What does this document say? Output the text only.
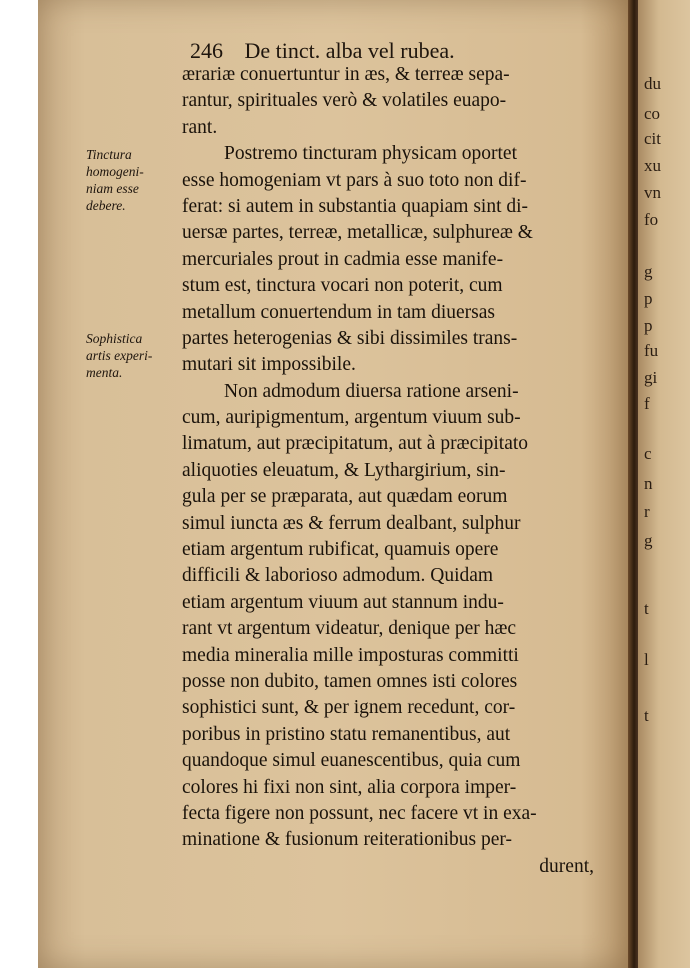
du
co
cit
xu
vn
fo
g
p
p
fu
gi
f
c
n
r
g
t
l
t
246 De tinct. alba vel rubea.
Tinctura
homogeni-
niam esse
debere.
Sophistica
artis experi-
menta.
ærariæ conuertuntur in æs, & terreæ sepa-
rantur, spirituales verò & volatiles euapo-
rant.
Postremo tincturam physicam oportet
esse homogeniam vt pars à suo toto non dif-
ferat: si autem in substantia quapiam sint di-
uersæ partes, terreæ, metallicæ, sulphureæ &
mercuriales prout in cadmia esse manife-
stum est, tinctura vocari non poterit, cum
metallum conuertendum in tam diuersas
partes heterogenias & sibi dissimiles trans-
mutari sit impossibile.
Non admodum diuersa ratione arseni-
cum, auripigmentum, argentum viuum sub-
limatum, aut præcipitatum, aut à præcipitato
aliquoties eleuatum, & Lythargirium, sin-
gula per se præparata, aut quædam eorum
simul iuncta æs & ferrum dealbant, sulphur
etiam argentum rubificat, quamuis opere
difficili & laborioso admodum. Quidam
etiam argentum viuum aut stannum indu-
rant vt argentum videatur, denique per hæc
media mineralia mille imposturas committi
posse non dubito, tamen omnes isti colores
sophistici sunt, & per ignem recedunt, cor-
poribus in pristino statu remanentibus, aut
quandoque simul euanescentibus, quia cum
colores hi fixi non sint, alia corpora imper-
fecta figere non possunt, nec facere vt in exa-
minatione & fusionum reiterationibus per-
durent,
